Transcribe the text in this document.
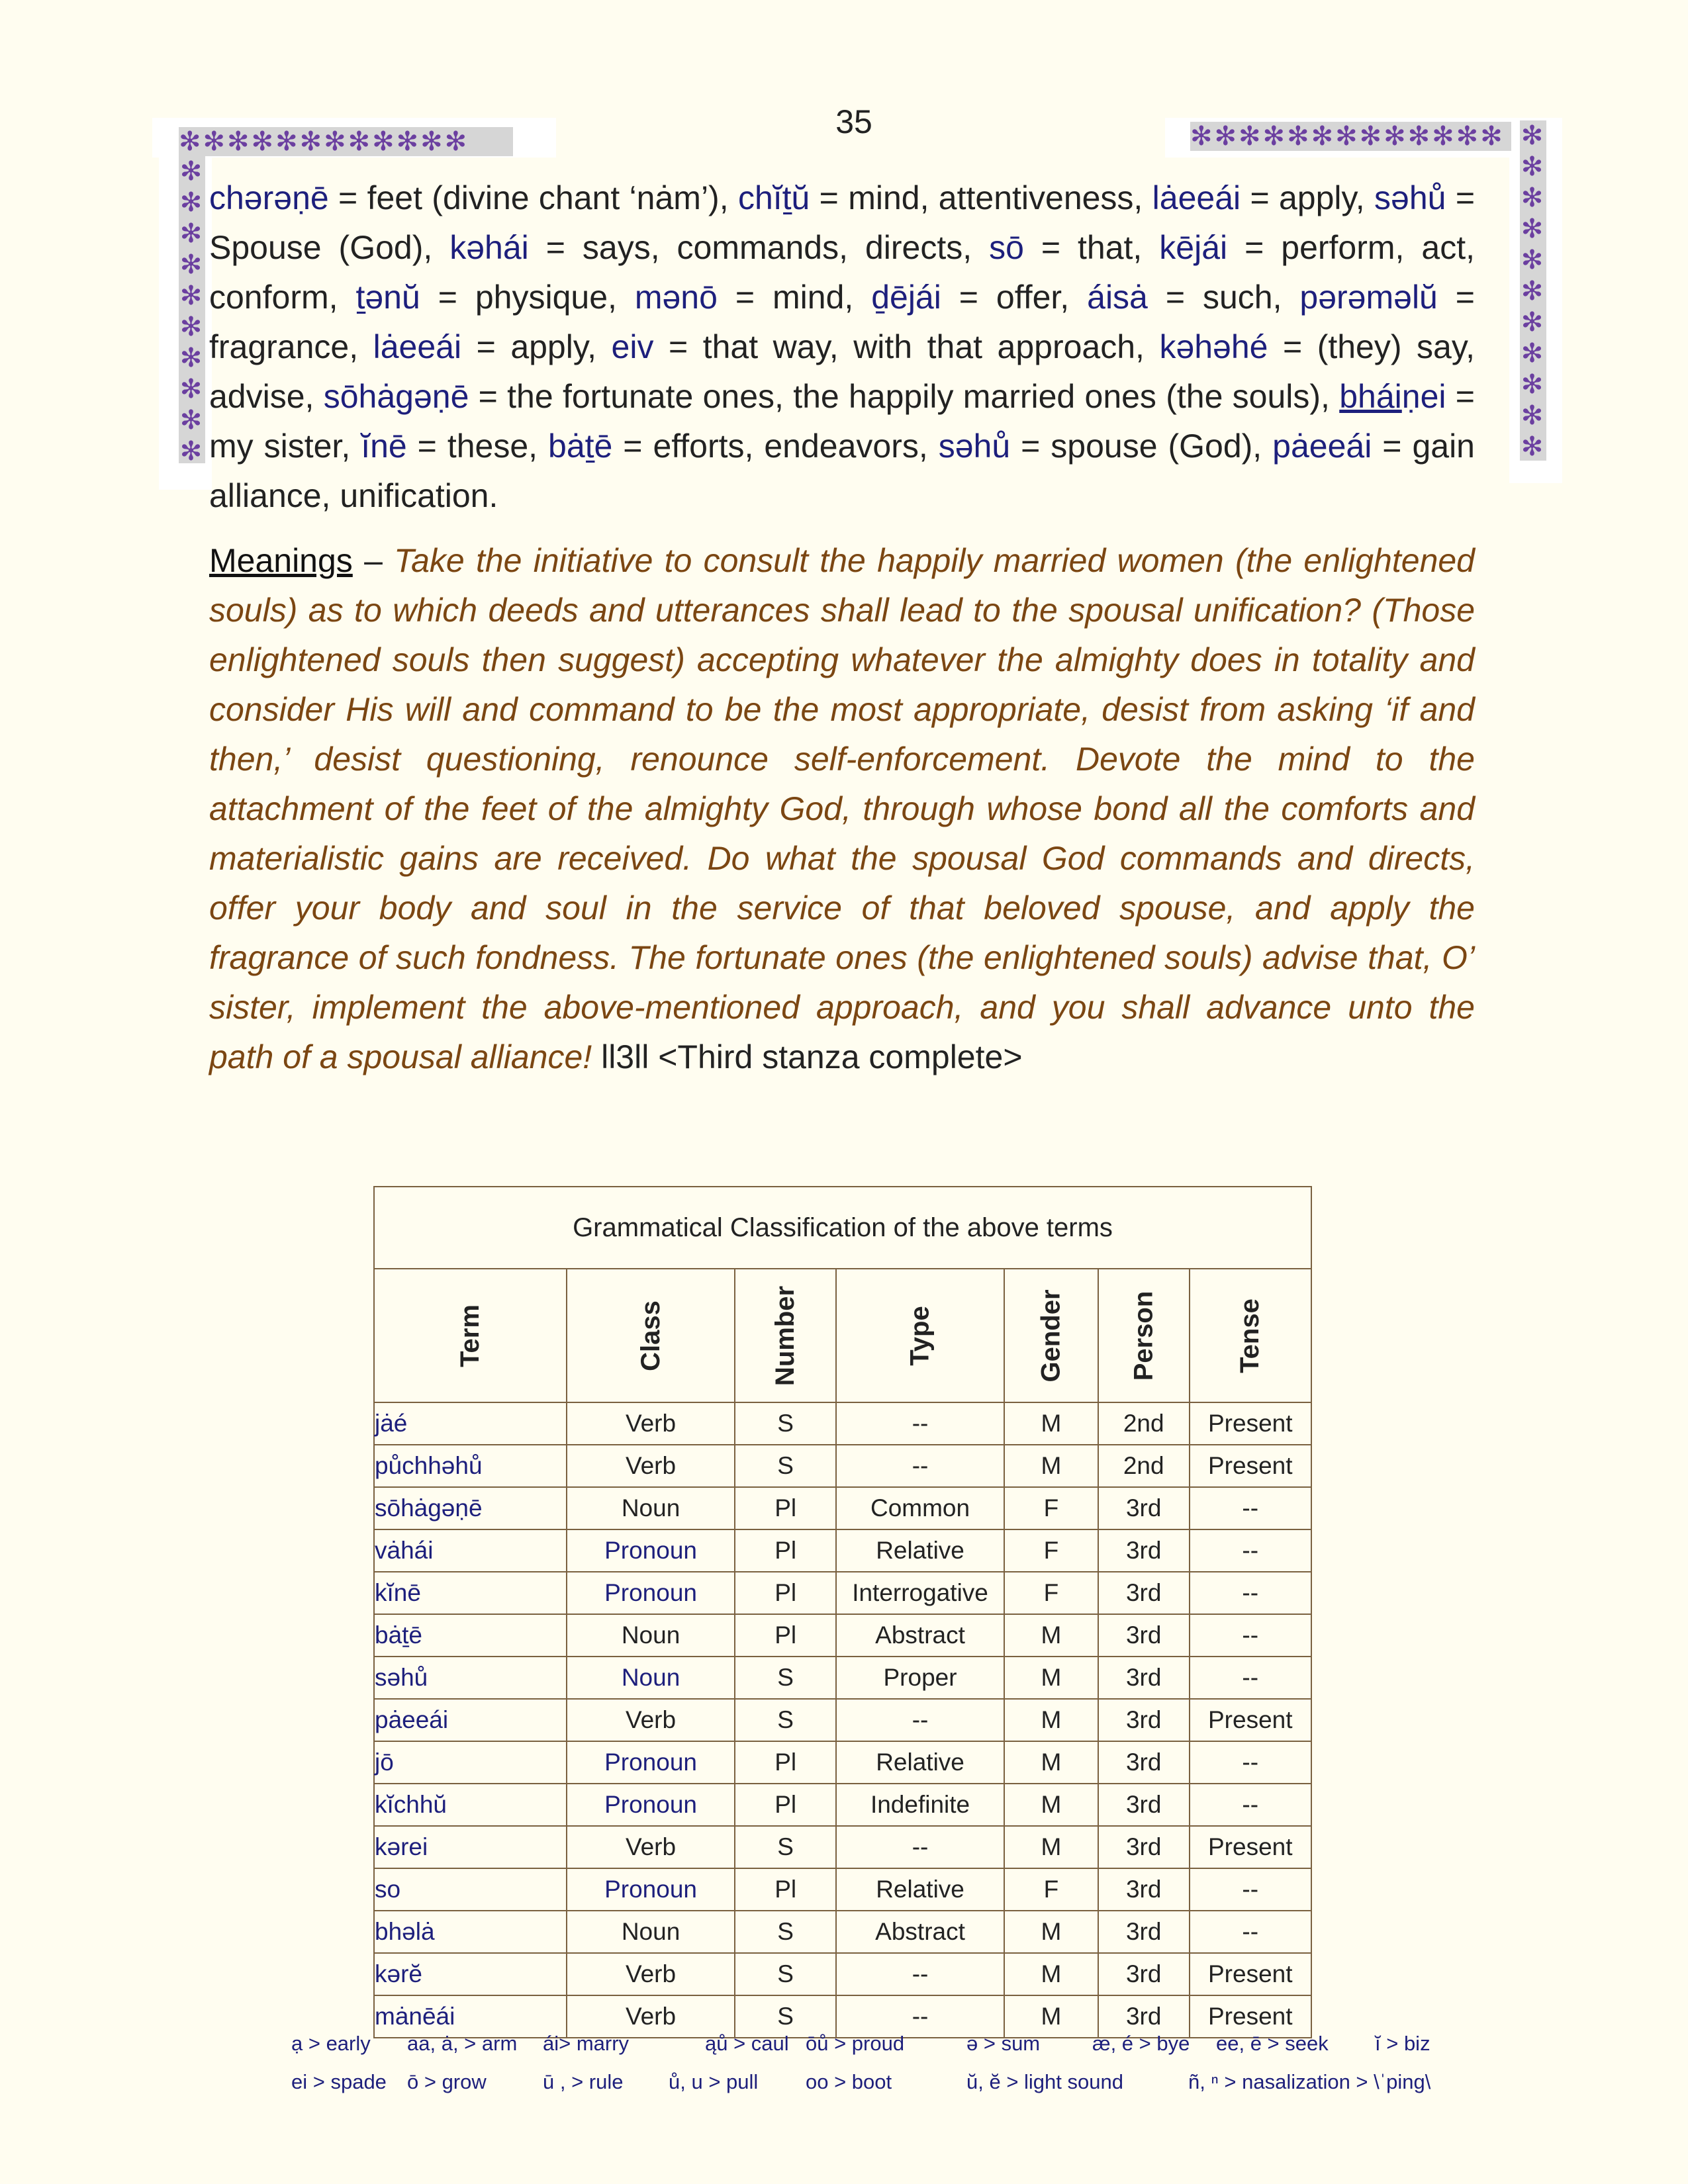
35
✻✻✻✻✻✻✻✻✻✻✻✻	✻✻✻✻✻✻✻✻✻✻✻✻✻
✻✻✻✻✻✻✻✻✻✻
✻✻✻✻✻✻✻✻✻✻✻
chərəṇē = feet (divine chant ‘nȧm’), chĭṯŭ = mind, attentiveness, lȧeeái = apply, səhů = Spouse (God), kəhái = says, commands, directs, sō = that, kējái = perform, act, conform, ṯənŭ = physique, mənō = mind, ḏējái = offer, áisȧ = such, pərəməlŭ = fragrance, lȧeeái = apply, eiv = that way, with that approach, kəhəhé = (they) say, advise, sōhȧgəṇē = the fortunate ones, the happily married ones (the souls), bháiṇei = my sister, ĭnē = these, bȧṯē = efforts, endeavors, səhů = spouse (God), pȧeeái = gain alliance, unification.
Meanings – Take the initiative to consult the happily married women (the enlightened souls) as to which deeds and utterances shall lead to the spousal unification? (Those enlightened souls then suggest) accepting whatever the almighty does in totality and consider His will and command to be the most appropriate, desist from asking ‘if and then,’ desist questioning, renounce self-enforcement. Devote the mind to the attachment of the feet of the almighty God, through whose bond all the comforts and materialistic gains are received. Do what the spousal God commands and directs, offer your body and soul in the service of that beloved spouse, and apply the fragrance of such fondness. The fortunate ones (the enlightened souls) advise that, O’ sister, implement the above-mentioned approach, and you shall advance unto the path of a spousal alliance! ll3ll <Third stanza complete>
Grammatical Classification of the above terms						
Term	Class	Number	Type	Gender	Person	Tense
jȧé	Verb	S	--	M	2nd	Present
půchhəhů	Verb	S	--	M	2nd	Present
sōhȧgəṇē	Noun	Pl	Common	F	3rd	--
vȧhái	Pronoun	Pl	Relative	F	3rd	--
kĭnē	Pronoun	Pl	Interrogative	F	3rd	--
bȧṯē	Noun	Pl	Abstract	M	3rd	--
səhů	Noun	S	Proper	M	3rd	--
pȧeeái	Verb	S	--	M	3rd	Present
jō	Pronoun	Pl	Relative	M	3rd	--
kĭchhŭ	Pronoun	Pl	Indefinite	M	3rd	--
kərei	Verb	S	--	M	3rd	Present
so	Pronoun	Pl	Relative	F	3rd	--
bhəlȧ	Noun	S	Abstract	M	3rd	--
kərĕ	Verb	S	--	M	3rd	Present
mȧnēái	Verb	S	--	M	3rd	Present
ạ > early aa, ȧ, > arm ái> marry	ąů > caul ōů > proud	ə > sum	æ, é > bye ee, ē > seek ĭ > biz
ei > spade ō > grow	ū , > rule ů, u > pull oo > boot	ŭ, ĕ > light sound	ñ, ⁿ > nasalization > \ˈping\
